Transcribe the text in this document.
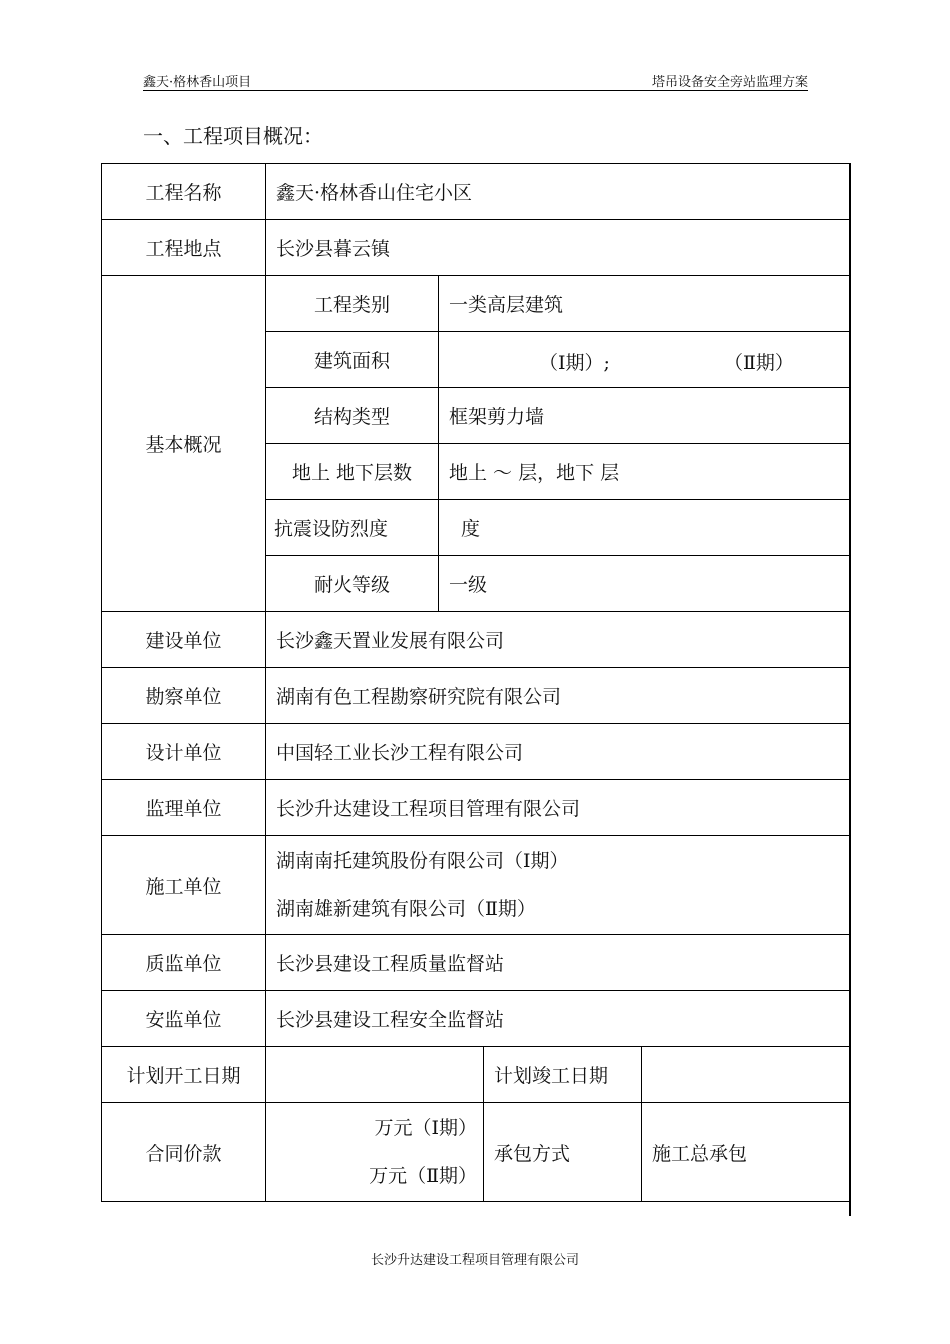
鑫天·格林香山项目	塔吊设备安全旁站监理方案
一、工程项目概况：
工程名称	鑫天·格林香山住宅小区			
工程地点	长沙县暮云镇			
基本概况	工程类别	一类高层建筑		
	建筑面积	（Ⅰ期）; （Ⅱ期）		

	结构类型	框架剪力墙		
	地上 地下层数	地上 ～ 层，地下 层		
	抗震设防烈度	度		
	耐火等级	一级		
建设单位	长沙鑫天置业发展有限公司			
勘察单位	湖南有色工程勘察研究院有限公司			
设计单位	中国轻工业长沙工程有限公司			
监理单位	长沙升达建设工程项目管理有限公司			
施工单位	湖南南托建筑股份有限公司（Ⅰ期）
湖南雄新建筑有限公司（Ⅱ期）			

质监单位	长沙县建设工程质量监督站			
安监单位	长沙县建设工程安全监督站			
计划开工日期			计划竣工日期	
合同价款	万元（Ⅰ期）
万元（Ⅱ期）		承包方式	施工总承包
长沙升达建设工程项目管理有限公司
